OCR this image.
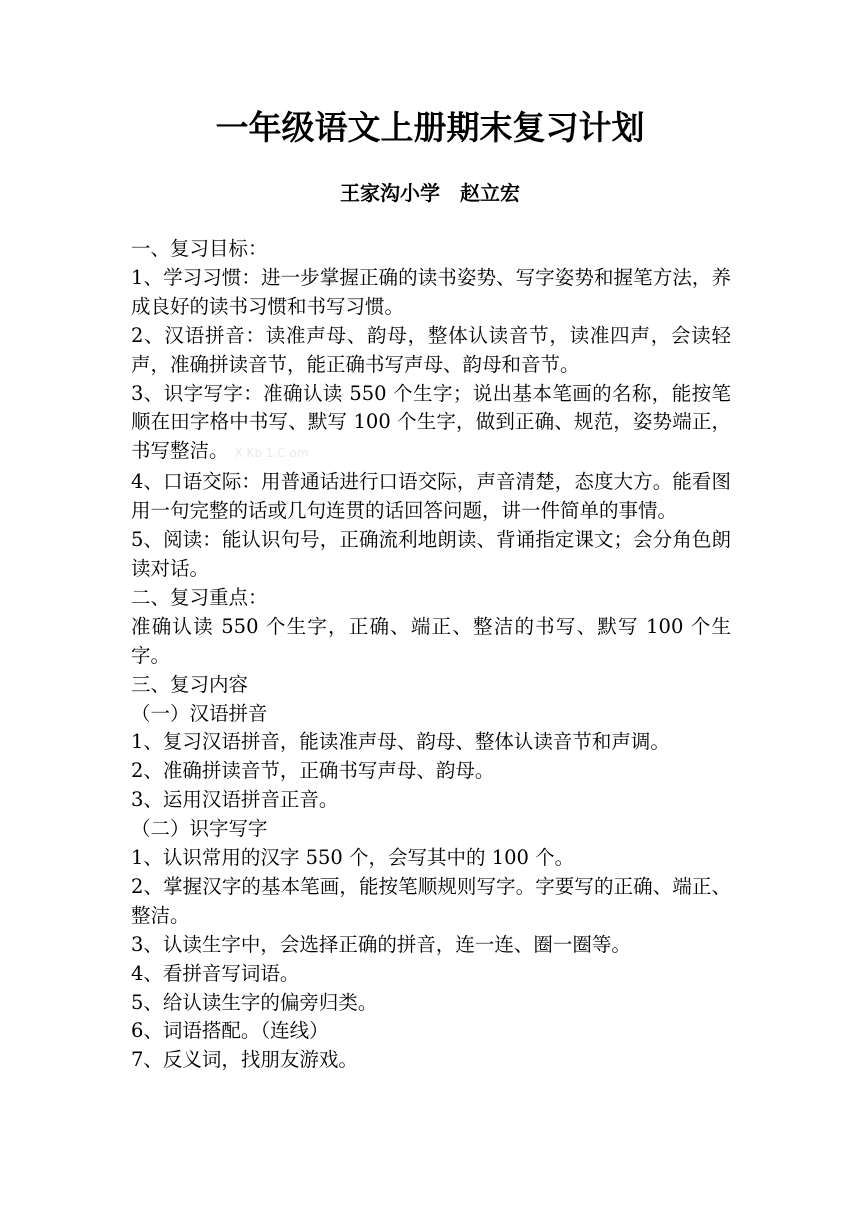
一年级语文上册期末复习计划
王家沟小学　赵立宏

一、复习目标：

1、学习习惯：进一步掌握正确的读书姿势、写字姿势和握笔方法，养成良好的读书习惯和书写习惯。

2、汉语拼音：读准声母、韵母，整体认读音节，读准四声，会读轻声，准确拼读音节，能正确书写声母、韵母和音节。

3、识字写字：准确认读 550 个生字；说出基本笔画的名称，能按笔顺在田字格中书写、默写 100 个生字，做到正确、规范，姿势端正，书写整洁。 X Kb 1.C om

4、口语交际：用普通话进行口语交际，声音清楚，态度大方。能看图用一句完整的话或几句连贯的话回答问题，讲一件简单的事情。

5、阅读：能认识句号，正确流利地朗读、背诵指定课文；会分角色朗读对话。

二、复习重点：

准确认读 550 个生字，正确、端正、整洁的书写、默写 100 个生字。

三、复习内容

（一）汉语拼音

1、复习汉语拼音，能读准声母、韵母、整体认读音节和声调。

2、准确拼读音节，正确书写声母、韵母。

3、运用汉语拼音正音。

（二）识字写字

1、认识常用的汉字 550 个，会写其中的 100 个。

2、掌握汉字的基本笔画，能按笔顺规则写字。字要写的正确、端正、整洁。

3、认读生字中，会选择正确的拼音，连一连、圈一圈等。

4、看拼音写词语。

5、给认读生字的偏旁归类。

6、词语搭配。（连线）

7、反义词，找朋友游戏。
